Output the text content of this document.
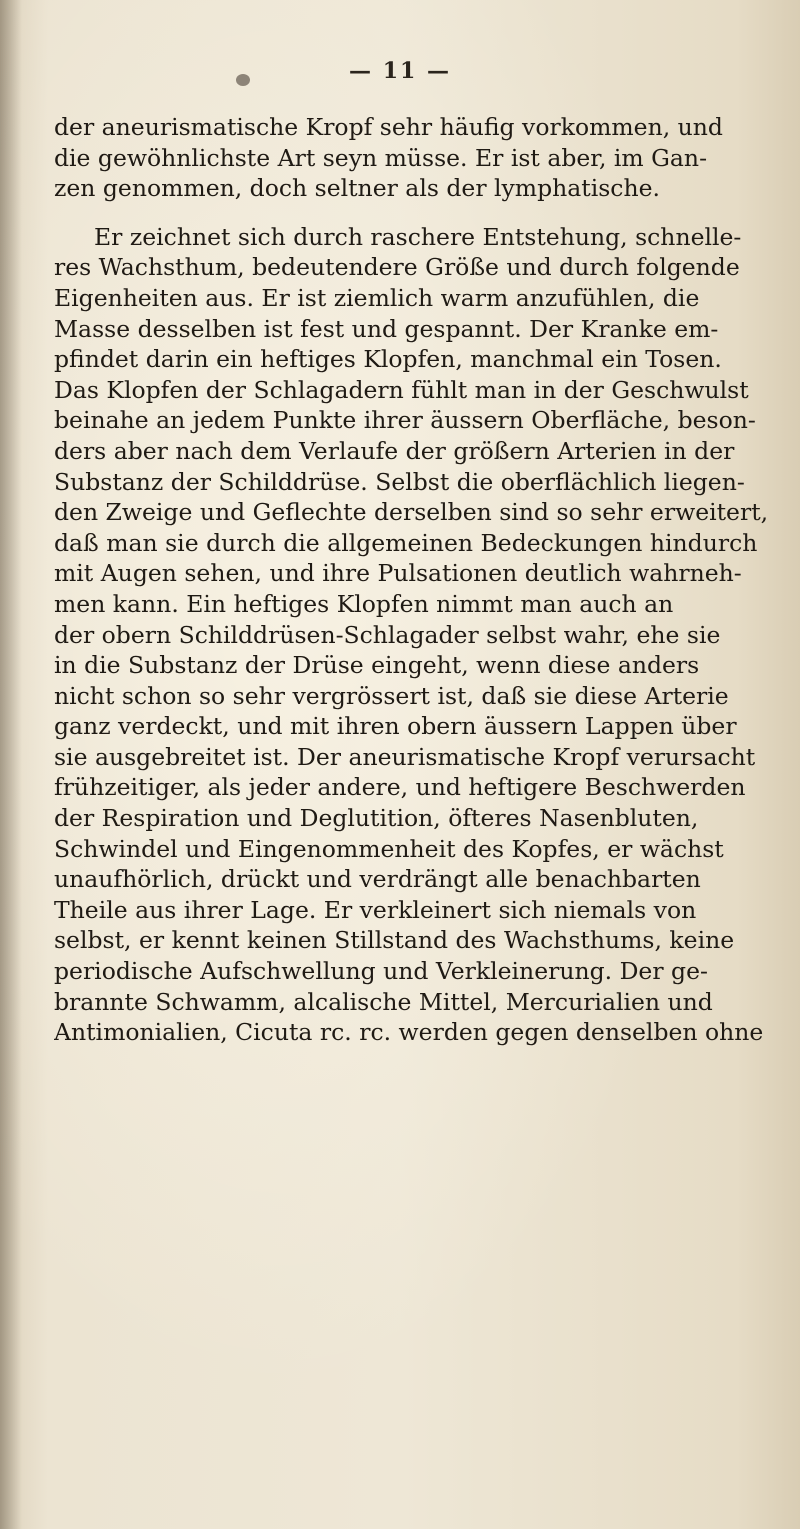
— 11 —
der aneurismatische Kropf sehr häufig vorkommen, und
die gewöhnlichste Art seyn müsse. Er ist aber, im Gan-
zen genommen, doch seltner als der lymphatische.
Er zeichnet sich durch raschere Entstehung, schnelle-
res Wachsthum, bedeutendere Größe und durch folgende
Eigenheiten aus. Er ist ziemlich warm anzufühlen, die
Masse desselben ist fest und gespannt. Der Kranke em-
pfindet darin ein heftiges Klopfen, manchmal ein Tosen.
Das Klopfen der Schlagadern fühlt man in der Geschwulst
beinahe an jedem Punkte ihrer äussern Oberfläche, beson-
ders aber nach dem Verlaufe der größern Arterien in der
Substanz der Schilddrüse. Selbst die oberflächlich liegen-
den Zweige und Geflechte derselben sind so sehr erweitert,
daß man sie durch die allgemeinen Bedeckungen hindurch
mit Augen sehen, und ihre Pulsationen deutlich wahrneh-
men kann. Ein heftiges Klopfen nimmt man auch an
der obern Schilddrüsen-Schlagader selbst wahr, ehe sie
in die Substanz der Drüse eingeht, wenn diese anders
nicht schon so sehr vergrössert ist, daß sie diese Arterie
ganz verdeckt, und mit ihren obern äussern Lappen über
sie ausgebreitet ist. Der aneurismatische Kropf verursacht
frühzeitiger, als jeder andere, und heftigere Beschwerden
der Respiration und Deglutition, öfteres Nasenbluten,
Schwindel und Eingenommenheit des Kopfes, er wächst
unaufhörlich, drückt und verdrängt alle benachbarten
Theile aus ihrer Lage. Er verkleinert sich niemals von
selbst, er kennt keinen Stillstand des Wachsthums, keine
periodische Aufschwellung und Verkleinerung. Der ge-
brannte Schwamm, alcalische Mittel, Mercurialien und
Antimonialien, Cicuta rc. rc. werden gegen denselben ohne
